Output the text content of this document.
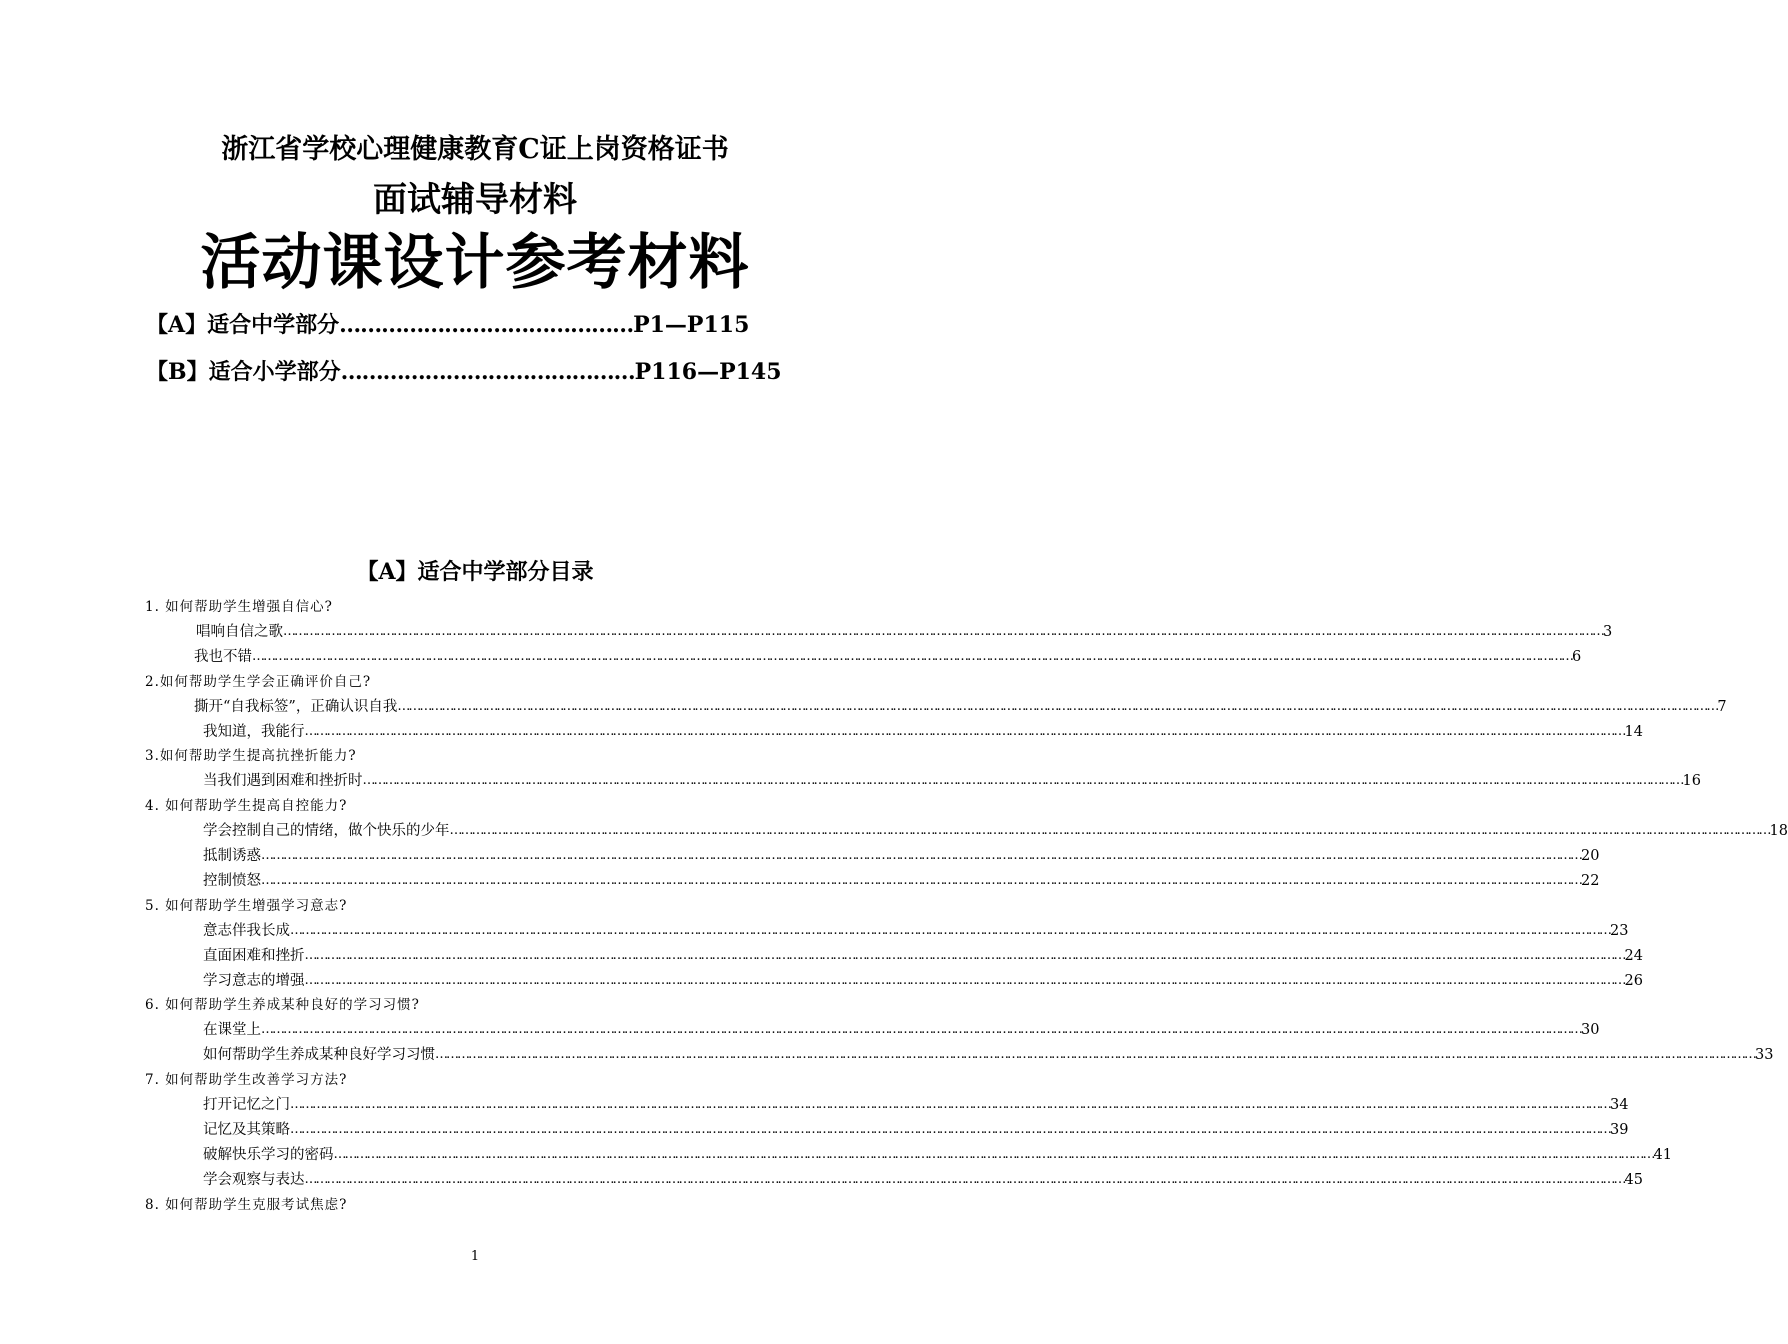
浙江省学校心理健康教育C证上岗资格证书
面试辅导材料
活动课设计参考材料
【A】适合中学部分……………………………………P1—P115
【B】适合小学部分……………………………………P116—P145
【A】适合中学部分目录
1. 如何帮助学生增强自信心?
唱响自信之歌 ……………………………………………………………………………………………………………………………………………………………………………………………………………………………………………………………………………………………………………………………… 3
我也不错 ……………………………………………………………………………………………………………………………………………………………………………………………………………………………………………………………………………………………………………………………… 6
2.如何帮助学生学会正确评价自己?
撕开“自我标签”，正确认识自我 ……………………………………………………………………………………………………………………………………………………………………………………………………………………………………………………………………………………………………………………………… 7
我知道，我能行 ……………………………………………………………………………………………………………………………………………………………………………………………………………………………………………………………………………………………………………………………… 14
3.如何帮助学生提高抗挫折能力?
当我们遇到困难和挫折时 ……………………………………………………………………………………………………………………………………………………………………………………………………………………………………………………………………………………………………………………………… 16
4. 如何帮助学生提高自控能力?
学会控制自己的情绪，做个快乐的少年 ……………………………………………………………………………………………………………………………………………………………………………………………………………………………………………………………………………………………………………………………… 18
抵制诱惑 ……………………………………………………………………………………………………………………………………………………………………………………………………………………………………………………………………………………………………………………………… 20
控制愤怒 ……………………………………………………………………………………………………………………………………………………………………………………………………………………………………………………………………………………………………………………………… 22
5. 如何帮助学生增强学习意志?
意志伴我长成 ……………………………………………………………………………………………………………………………………………………………………………………………………………………………………………………………………………………………………………………………… 23
直面困难和挫折 ……………………………………………………………………………………………………………………………………………………………………………………………………………………………………………………………………………………………………………………………… 24
学习意志的增强 ……………………………………………………………………………………………………………………………………………………………………………………………………………………………………………………………………………………………………………………………… 26
6. 如何帮助学生养成某种良好的学习习惯?
在课堂上 ……………………………………………………………………………………………………………………………………………………………………………………………………………………………………………………………………………………………………………………………… 30
如何帮助学生养成某种良好学习习惯 ……………………………………………………………………………………………………………………………………………………………………………………………………………………………………………………………………………………………………………………………… 33
7. 如何帮助学生改善学习方法?
打开记忆之门 ……………………………………………………………………………………………………………………………………………………………………………………………………………………………………………………………………………………………………………………………… 34
记忆及其策略 ……………………………………………………………………………………………………………………………………………………………………………………………………………………………………………………………………………………………………………………………… 39
破解快乐学习的密码 ……………………………………………………………………………………………………………………………………………………………………………………………………………………………………………………………………………………………………………………………… 41
学会观察与表达 ……………………………………………………………………………………………………………………………………………………………………………………………………………………………………………………………………………………………………………………………… 45
8. 如何帮助学生克服考试焦虑?
1
